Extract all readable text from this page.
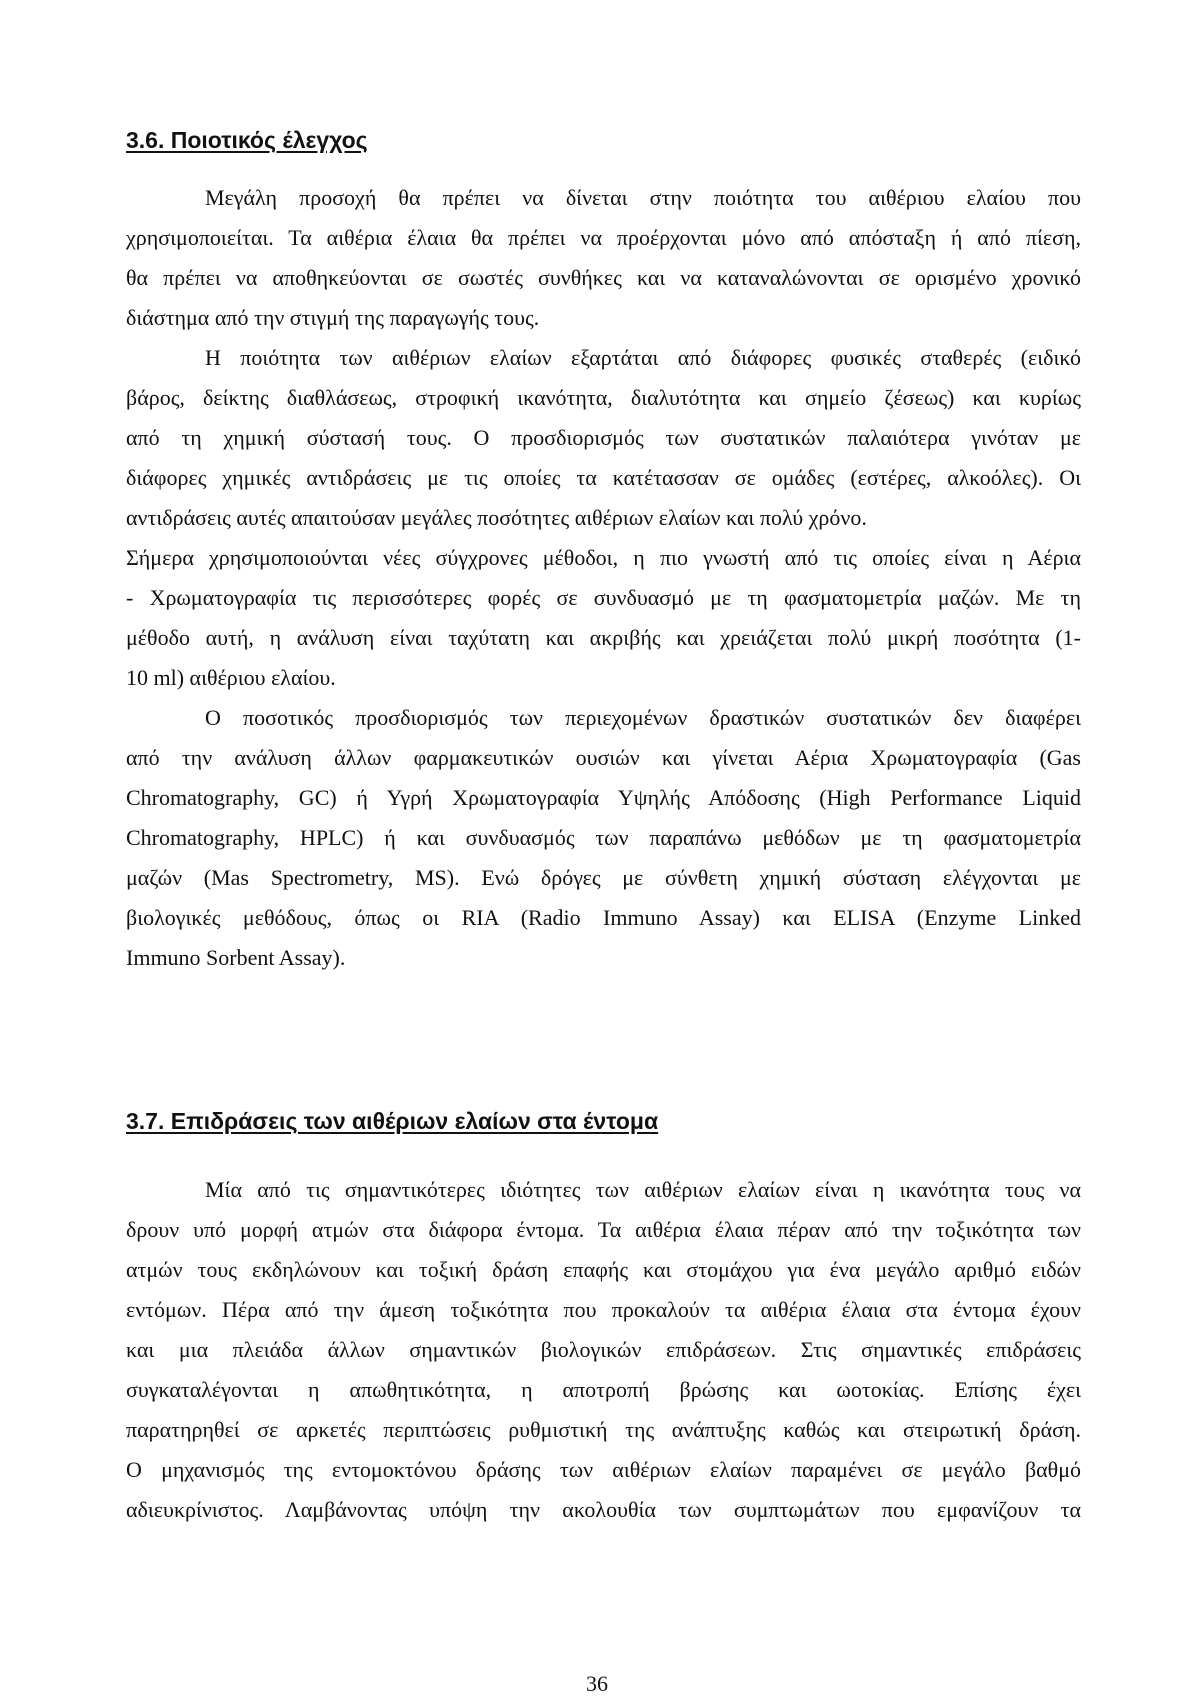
3.6. Ποιοτικός έλεγχος
Μεγάλη προσοχή θα πρέπει να δίνεται στην ποιότητα του αιθέριου ελαίου που
χρησιμοποιείται. Τα αιθέρια έλαια θα πρέπει να προέρχονται μόνο από απόσταξη ή από πίεση,
θα πρέπει να αποθηκεύονται σε σωστές συνθήκες και να καταναλώνονται σε ορισμένο χρονικό
διάστημα από την στιγμή της παραγωγής τους.
Η ποιότητα των αιθέριων ελαίων εξαρτάται από διάφορες φυσικές σταθερές (ειδικό
βάρος, δείκτης διαθλάσεως, στροφική ικανότητα, διαλυτότητα και σημείο ζέσεως) και κυρίως
από τη χημική σύστασή τους. Ο προσδιορισμός των συστατικών παλαιότερα γινόταν με
διάφορες χημικές αντιδράσεις με τις οποίες τα κατέτασσαν σε ομάδες (εστέρες, αλκοόλες). Οι
αντιδράσεις αυτές απαιτούσαν μεγάλες ποσότητες αιθέριων ελαίων και πολύ χρόνο.
Σήμερα χρησιμοποιούνται νέες σύγχρονες μέθοδοι, η πιο γνωστή από τις οποίες είναι η Αέρια
- Χρωματογραφία τις περισσότερες φορές σε συνδυασμό με τη φασματομετρία μαζών. Με τη
μέθοδο αυτή, η ανάλυση είναι ταχύτατη και ακριβής και χρειάζεται πολύ μικρή ποσότητα (1-
10 ml) αιθέριου ελαίου.
Ο ποσοτικός προσδιορισμός των περιεχομένων δραστικών συστατικών δεν διαφέρει
από την ανάλυση άλλων φαρμακευτικών ουσιών και γίνεται Αέρια Χρωματογραφία (Gas
Chromatography, GC) ή Υγρή Χρωματογραφία Υψηλής Απόδοσης (High Performance Liquid
Chromatography, HPLC) ή και συνδυασμός των παραπάνω μεθόδων με τη φασματομετρία
μαζών (Mas Spectrometry, MS). Ενώ δρόγες με σύνθετη χημική σύσταση ελέγχονται με
βιολογικές μεθόδους, όπως οι RIA (Radio Immuno Assay) και ELISA (Enzyme Linked
Immuno Sorbent Assay).
3.7. Επιδράσεις των αιθέριων ελαίων στα έντομα
Μία από τις σημαντικότερες ιδιότητες των αιθέριων ελαίων είναι η ικανότητα τους να
δρουν υπό μορφή ατμών στα διάφορα έντομα. Τα αιθέρια έλαια πέραν από την τοξικότητα των
ατμών τους εκδηλώνουν και τοξική δράση επαφής και στομάχου για ένα μεγάλο αριθμό ειδών
εντόμων. Πέρα από την άμεση τοξικότητα που προκαλούν τα αιθέρια έλαια στα έντομα έχουν
και μια πλειάδα άλλων σημαντικών βιολογικών επιδράσεων. Στις σημαντικές επιδράσεις
συγκαταλέγονται η απωθητικότητα, η αποτροπή βρώσης και ωοτοκίας. Επίσης έχει
παρατηρηθεί σε αρκετές περιπτώσεις ρυθμιστική της ανάπτυξης καθώς και στειρωτική δράση.
Ο μηχανισμός της εντομοκτόνου δράσης των αιθέριων ελαίων παραμένει σε μεγάλο βαθμό
αδιευκρίνιστος. Λαμβάνοντας υπόψη την ακολουθία των συμπτωμάτων που εμφανίζουν τα
36
